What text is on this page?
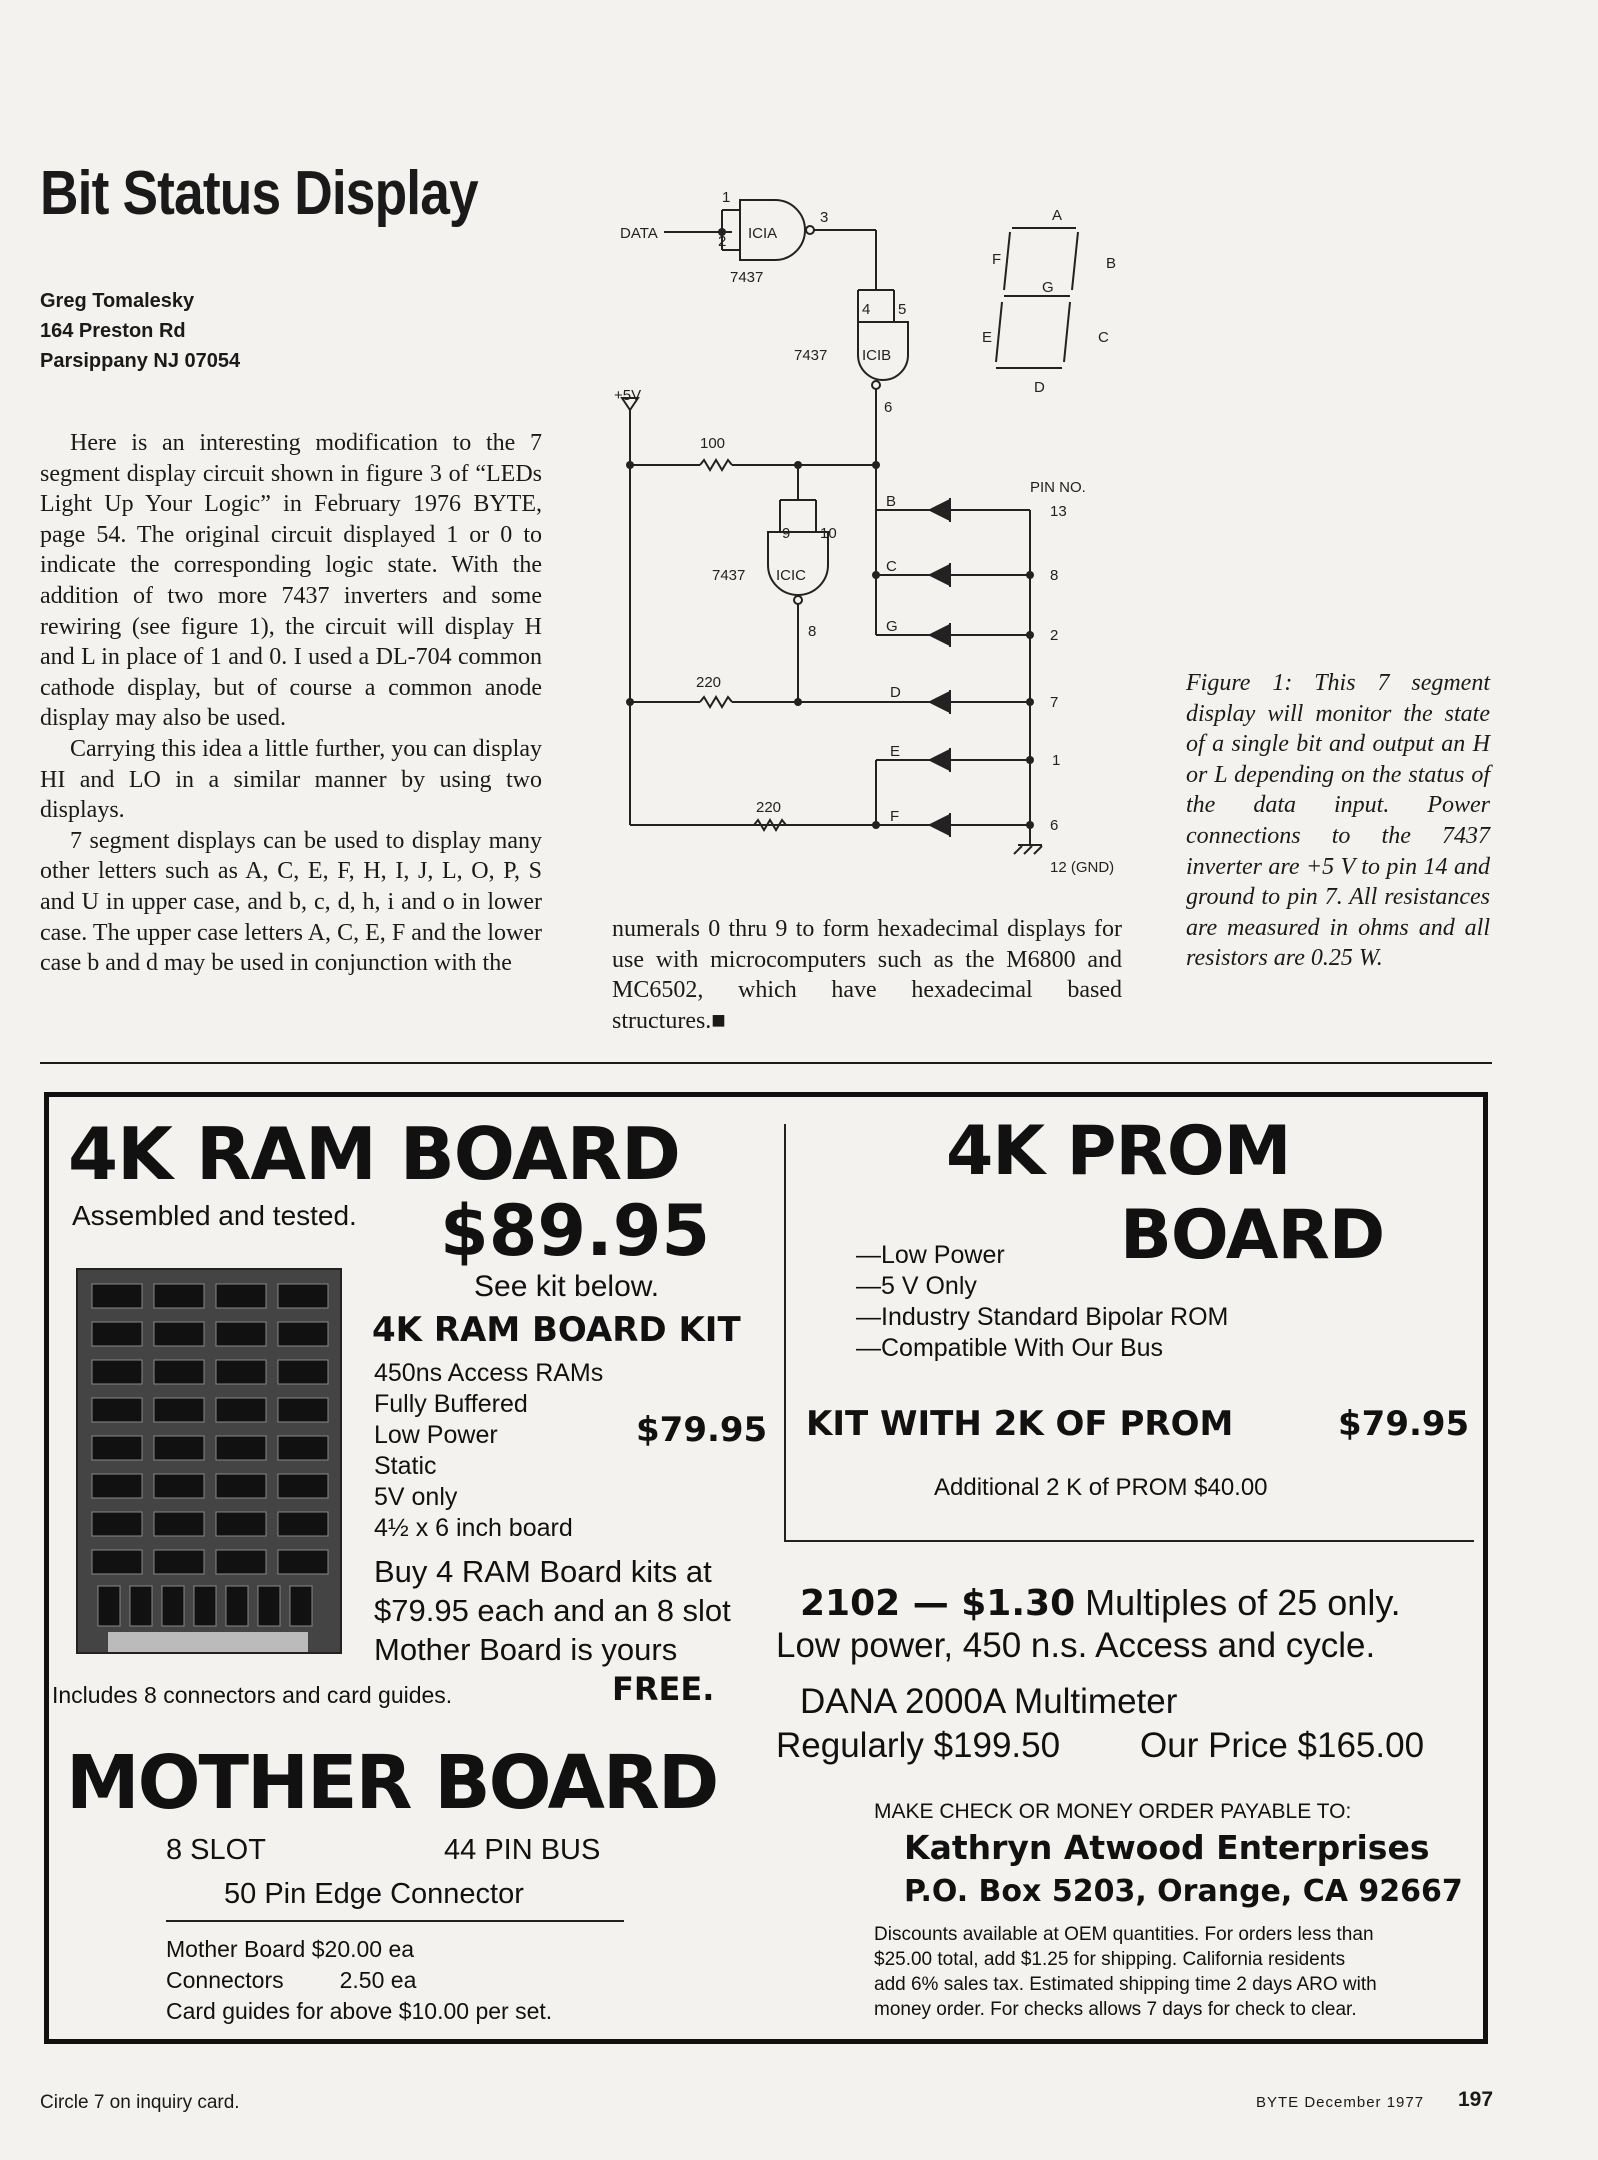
Bit Status Display
Greg Tomalesky
164 Preston Rd
Parsippany NJ 07054

Here is an interesting modification to the 7 segment display circuit shown in figure 3 of “LEDs Light Up Your Logic” in February 1976 BYTE, page 54. The original circuit displayed 1 or 0 to indicate the corresponding logic state. With the addition of two more 7437 inverters and some rewiring (see figure 1), the circuit will display H and L in place of 1 and 0. I used a DL-704 common cathode display, but of course a common anode display may also be used.

Carrying this idea a little further, you can display HI and LO in a similar manner by using two displays.

7 segment displays can be used to display many other letters such as A, C, E, F, H, I, J, L, O, P, S and U in upper case, and b, c, d, h, i and o in lower case. The upper case letters A, C, E, F and the lower case b and d may be used in conjunction with the

numerals 0 thru 9 to form hexadecimal displays for use with microcomputers such as the M6800 and MC6502, which have hexadecimal based structures.■

Figure 1: This 7 segment display will monitor the state of a single bit and output an H or L depending on the status of the data input. Power connections to the 7437 inverter are +5 V to pin 14 and ground to pin 7. All resistances are measured in ohms and all resistors are 0.25 W.
DATA
+5V
7437
7437
7437
ICIA
ICIB
ICIC
1
2
3
4 5
6
9 10
8
100
220
220
B
C
G
D
E
F
PIN NO.
13
8
2
7
1
6
12 (GND)
A
B
C
D
E
F
G
4K RAM BOARD
Assembled and tested. $89.95
See kit below.
4K RAM BOARD KIT
450ns Access RAMs
Fully Buffered
Low Power
Static
5V only
4½ x 6 inch board
$79.95
Buy 4 RAM Board kits at
$79.95 each and an 8 slot
Mother Board is yours
Includes 8 connectors and card guides.	FREE.
MOTHER BOARD
8 SLOT	44 PIN BUS
50 Pin Edge Connector
Mother Board $20.00 ea
Connectors 2.50 ea
Card guides for above $10.00 per set.
4K PROM
BOARD
—Low Power
—5 V Only
—Industry Standard Bipolar ROM
—Compatible With Our Bus
KIT WITH 2K OF PROM	$79.95
Additional 2 K of PROM $40.00
2102 — $1.30 Multiples of 25 only.
Low power, 450 n.s. Access and cycle.
DANA 2000A Multimeter
Regularly $199.50 Our Price $165.00
MAKE CHECK OR MONEY ORDER PAYABLE TO:
Kathryn Atwood Enterprises
P.O. Box 5203, Orange, CA 92667
Discounts available at OEM quantities. For orders less than
$25.00 total, add $1.25 for shipping. California residents
add 6% sales tax. Estimated shipping time 2 days ARO with
money order. For checks allows 7 days for check to clear.
Circle 7 on inquiry card.	BYTE December 1977 197
